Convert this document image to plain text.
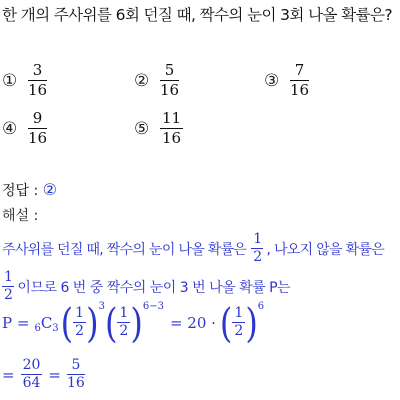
한 개의 주사위를 6회 던질 때, 짝수의 눈이 3회 나올 확률은?
① $\frac{3}{16}$	② $\frac{5}{16}$	③ $\frac{7}{16}$
④ $\frac{9}{16}$	⑤ $\frac{11}{16}$
정답 : ②
해설 :
주사위를 던질 때, 짝수의 눈이 나올 확률은 $\frac{1}{2}$ , 나오지 않을 확률은
$\frac{1}{2}$ 이므로 6 번 중 짝수의 눈이 3 번 나올 확률 P는
P = 6 C 3 ( $\frac{1}{2}$ ) 3 ( $\frac{1}{2}$ ) 6−3
= 20 · ( $\frac{1}{2}$ ) 6
= $\frac{20}{64} = \frac{5}{16}$
